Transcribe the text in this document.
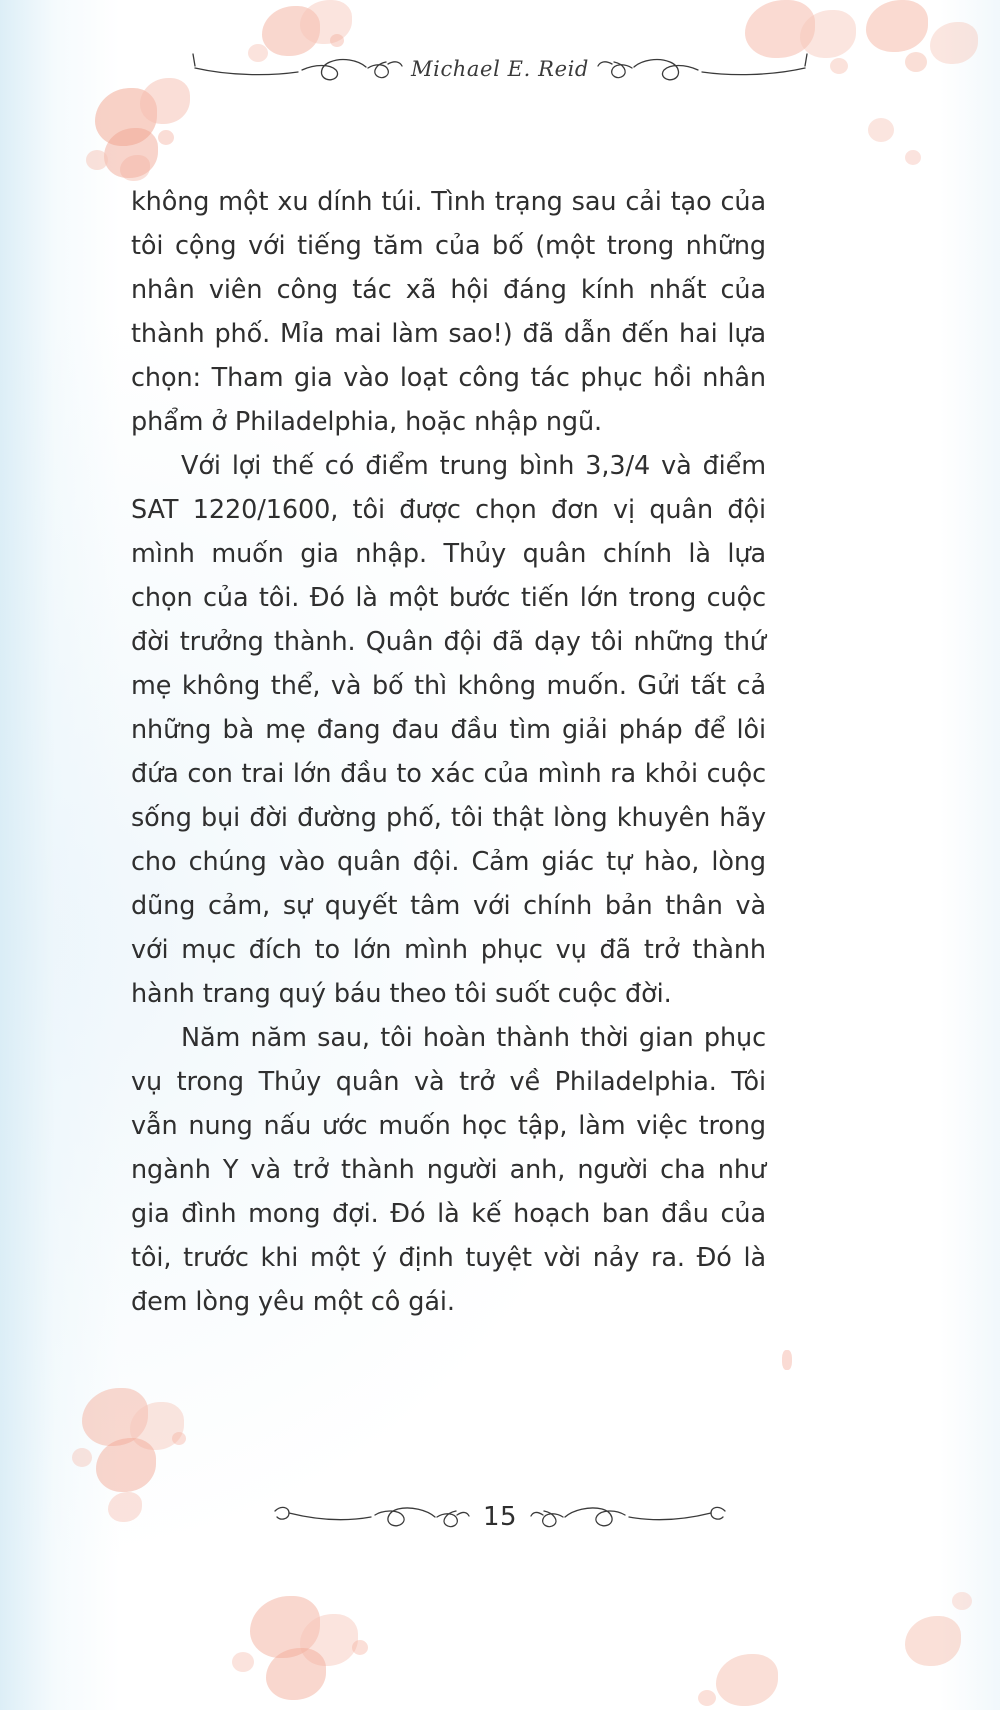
Michael E. Reid

không một xu dính túi. Tình trạng sau cải tạo của tôi cộng với tiếng tăm của bố (một trong những nhân viên công tác xã hội đáng kính nhất của thành phố. Mỉa mai làm sao!) đã dẫn đến hai lựa chọn: Tham gia vào loạt công tác phục hồi nhân phẩm ở Philadelphia, hoặc nhập ngũ.

Với lợi thế có điểm trung bình 3,3/4 và điểm SAT 1220/1600, tôi được chọn đơn vị quân đội mình muốn gia nhập. Thủy quân chính là lựa chọn của tôi. Đó là một bước tiến lớn trong cuộc đời trưởng thành. Quân đội đã dạy tôi những thứ mẹ không thể, và bố thì không muốn. Gửi tất cả những bà mẹ đang đau đầu tìm giải pháp để lôi đứa con trai lớn đầu to xác của mình ra khỏi cuộc sống bụi đời đường phố, tôi thật lòng khuyên hãy cho chúng vào quân đội. Cảm giác tự hào, lòng dũng cảm, sự quyết tâm với chính bản thân và với mục đích to lớn mình phục vụ đã trở thành hành trang quý báu theo tôi suốt cuộc đời.

Năm năm sau, tôi hoàn thành thời gian phục vụ trong Thủy quân và trở về Philadelphia. Tôi vẫn nung nấu ước muốn học tập, làm việc trong ngành Y và trở thành người anh, người cha như gia đình mong đợi. Đó là kế hoạch ban đầu của tôi, trước khi một ý định tuyệt vời nảy ra. Đó là đem lòng yêu một cô gái.

15
